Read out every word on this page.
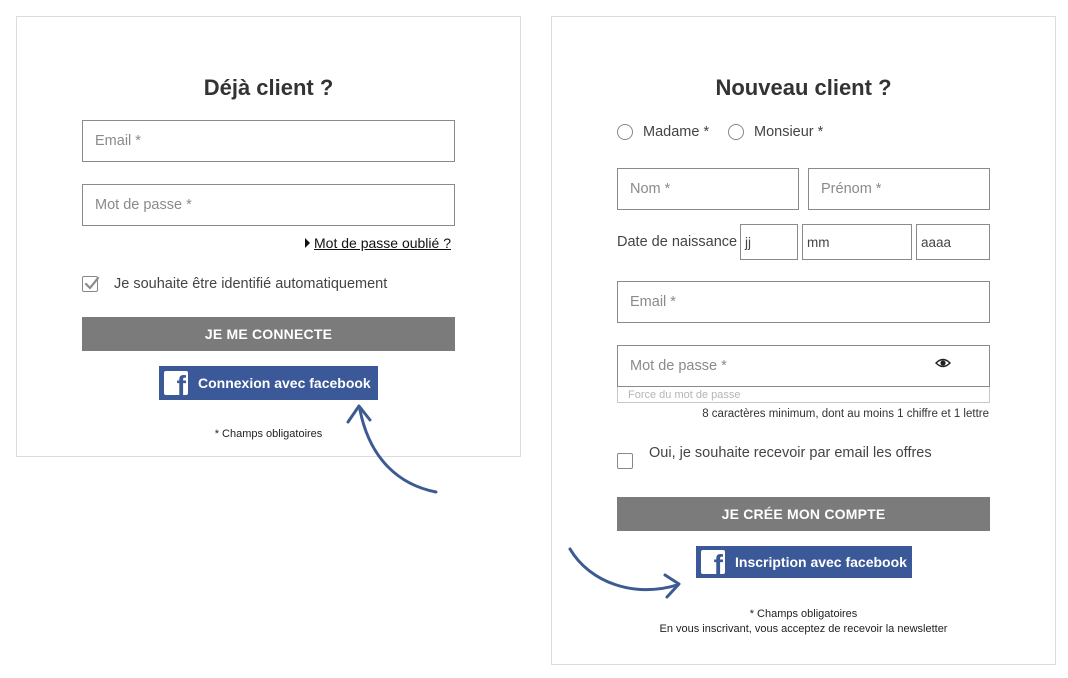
Déjà client ?
Email *
Mot de passe *
Mot de passe oublié ?
Je souhaite être identifié automatiquement
JE ME CONNECTE
f Connexion avec facebook
* Champs obligatoires
Nouveau client ?
Madame *	Monsieur *
Nom *	Prénom *
Date de naissance jj	mm	aaaa
Email *
Mot de passe *
Force du mot de passe
8 caractères minimum, dont au moins 1 chiffre et 1 lettre
Oui, je souhaite recevoir par email les offres
JE CRÉE MON COMPTE
f Inscription avec facebook
* Champs obligatoires
En vous inscrivant, vous acceptez de recevoir la newsletter
